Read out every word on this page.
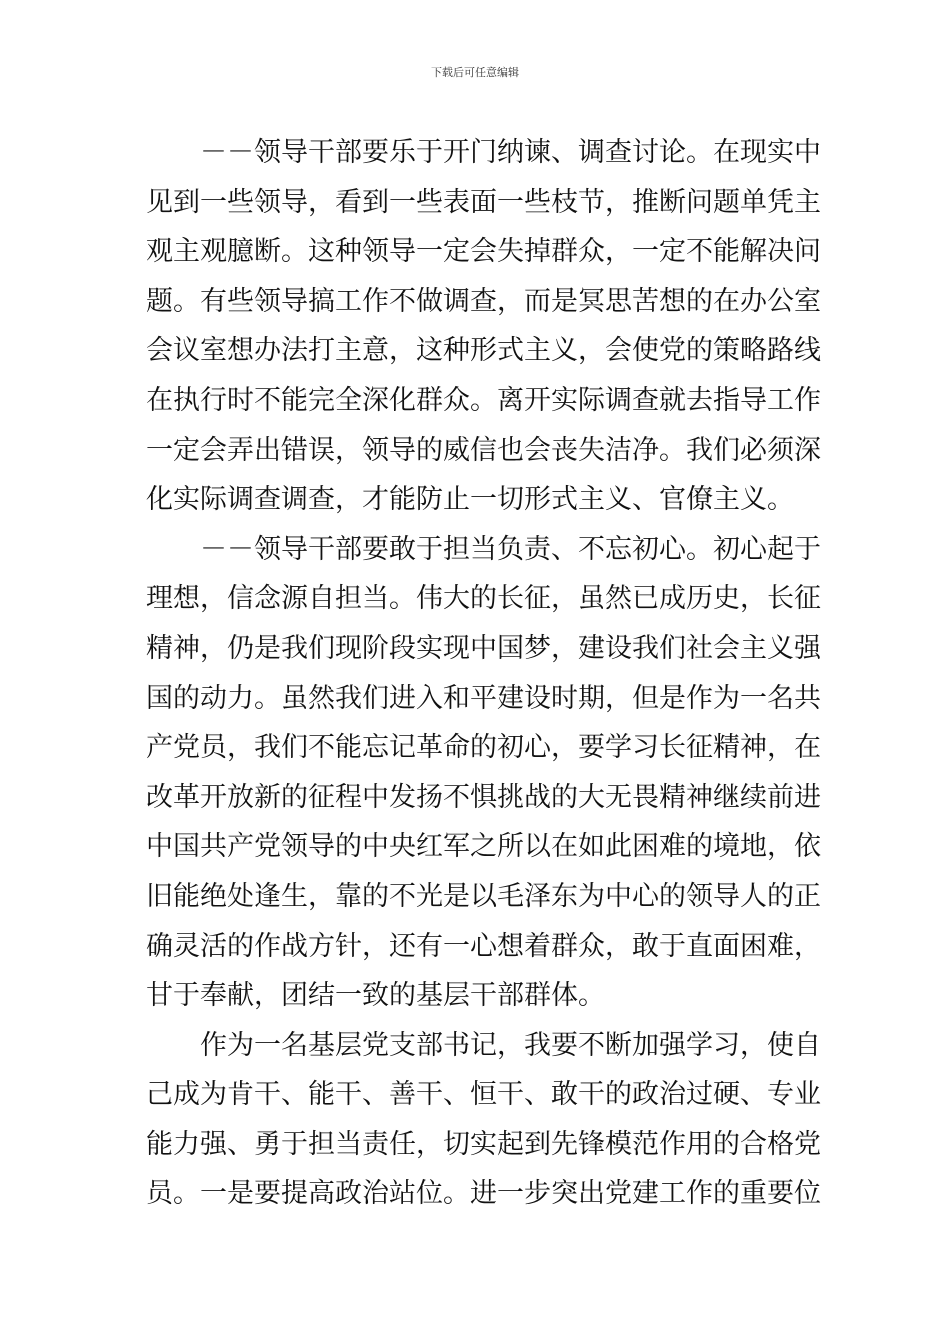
下载后可任意编辑
－－领导干部要乐于开门纳谏、调查讨论。在现实中
见到一些领导，看到一些表面一些枝节，推断问题单凭主
观主观臆断。这种领导一定会失掉群众，一定不能解决问
题。有些领导搞工作不做调查，而是冥思苦想的在办公室
会议室想办法打主意，这种形式主义，会使党的策略路线
在执行时不能完全深化群众。离开实际调查就去指导工作
一定会弄出错误，领导的威信也会丧失洁净。我们必须深
化实际调查调查，才能防止一切形式主义、官僚主义。
－－领导干部要敢于担当负责、不忘初心。初心起于
理想，信念源自担当。伟大的长征，虽然已成历史，长征
精神，仍是我们现阶段实现中国梦，建设我们社会主义强
国的动力。虽然我们进入和平建设时期，但是作为一名共
产党员，我们不能忘记革命的初心，要学习长征精神，在
改革开放新的征程中发扬不惧挑战的大无畏精神继续前进
中国共产党领导的中央红军之所以在如此困难的境地，依
旧能绝处逢生，靠的不光是以毛泽东为中心的领导人的正
确灵活的作战方针，还有一心想着群众，敢于直面困难，
甘于奉献，团结一致的基层干部群体。
作为一名基层党支部书记，我要不断加强学习，使自
己成为肯干、能干、善干、恒干、敢干的政治过硬、专业
能力强、勇于担当责任，切实起到先锋模范作用的合格党
员。一是要提高政治站位。进一步突出党建工作的重要位
